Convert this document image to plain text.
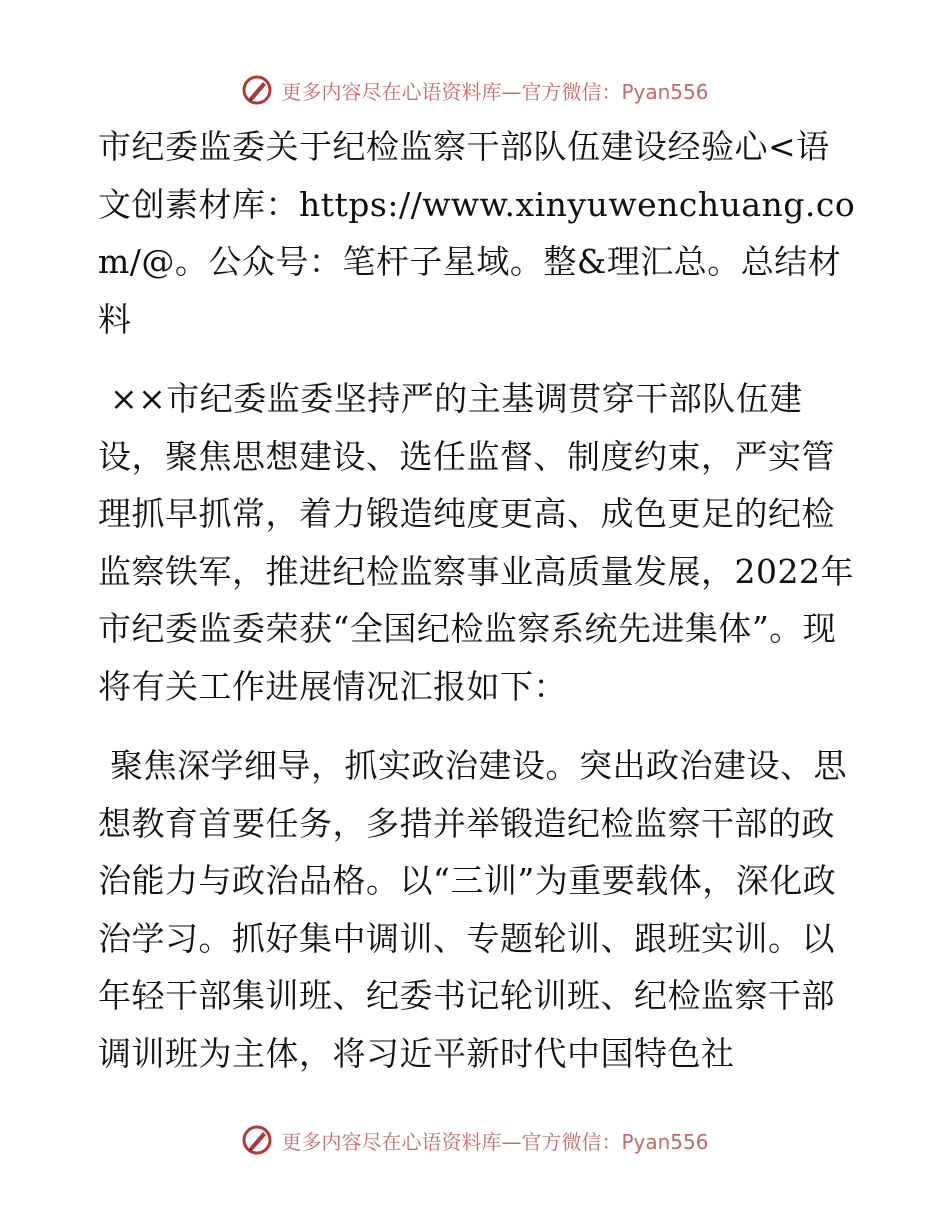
更多内容尽在心语资料库—官方微信：Pyan556

市纪委监委关于纪检监察干部队伍建设经验心<语文创素材库：https://www.xinyuwenchuang.com/@。公众号：笔杆子星域。整&理汇总。总结材料

××市纪委监委坚持严的主基调贯穿干部队伍建设，聚焦思想建设、选任监督、制度约束，严实管理抓早抓常，着力锻造纯度更高、成色更足的纪检监察铁军，推进纪检监察事业高质量发展，2022年市纪委监委荣获“全国纪检监察系统先进集体”。现将有关工作进展情况汇报如下：

聚焦深学细导，抓实政治建设。突出政治建设、思想教育首要任务，多措并举锻造纪检监察干部的政治能力与政治品格。以“三训”为重要载体，深化政治学习。抓好集中调训、专题轮训、跟班实训。以年轻干部集训班、纪委书记轮训班、纪检监察干部调训班为主体，将习近平新时代中国特色社

更多内容尽在心语资料库—官方微信：Pyan556
